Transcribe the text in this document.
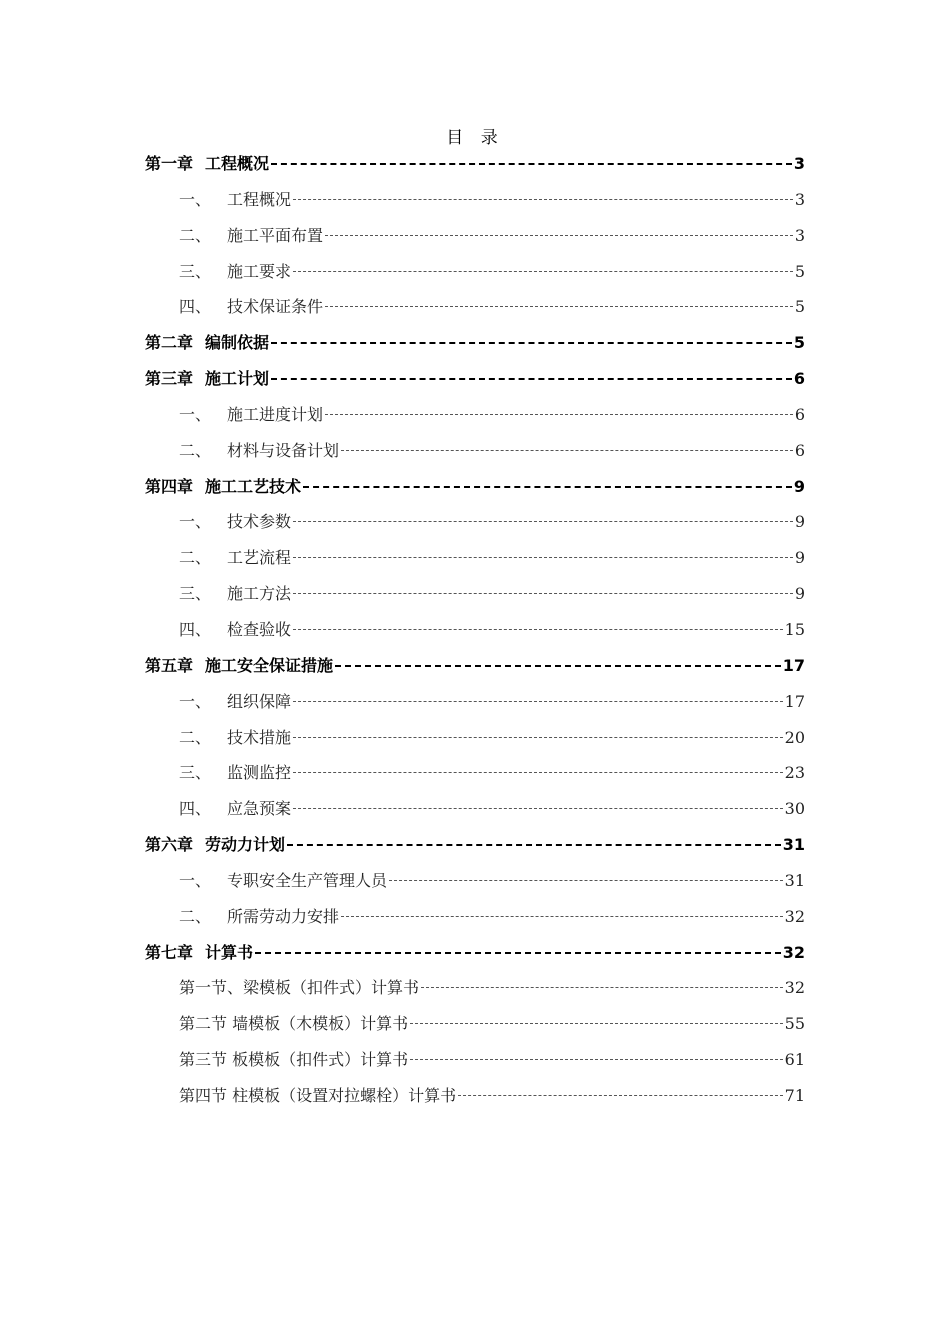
目 录
第一章 工程概况	3
一、 工程概况	3
二、 施工平面布置	3
三、 施工要求	5
四、 技术保证条件	5
第二章 编制依据	5
第三章 施工计划	6
一、 施工进度计划	6
二、 材料与设备计划	6
第四章 施工工艺技术	9
一、 技术参数	9
二、 工艺流程	9
三、 施工方法	9
四、 检查验收	15
第五章 施工安全保证措施	17
一、 组织保障	17
二、 技术措施	20
三、 监测监控	23
四、 应急预案	30
第六章 劳动力计划	31
一、 专职安全生产管理人员	31
二、 所需劳动力安排	32
第七章 计算书	32
第一节、梁模板（扣件式）计算书	32
第二节 墙模板（木模板）计算书	55
第三节 板模板（扣件式）计算书	61
第四节 柱模板（设置对拉螺栓）计算书	71
